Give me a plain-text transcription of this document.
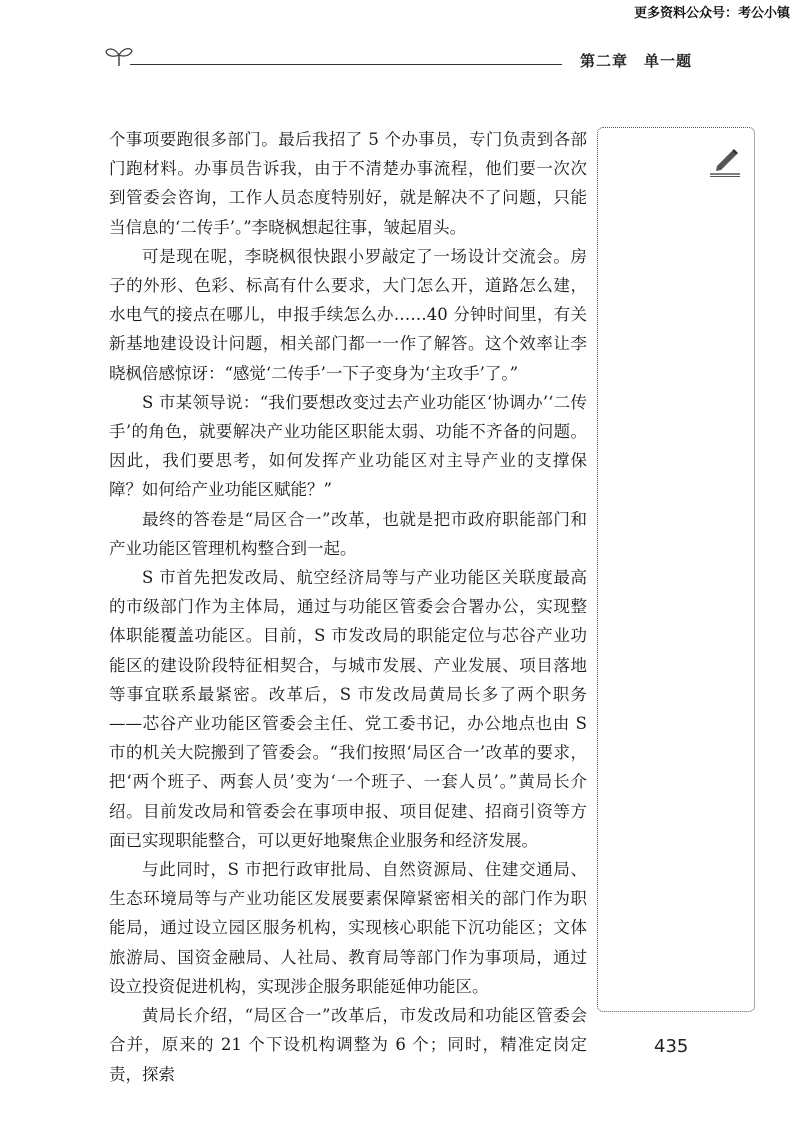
更多资料公众号：考公小镇
第二章　单一题

个事项要跑很多部门。最后我招了 5 个办事员，专门负责到各部门跑材料。办事员告诉我，由于不清楚办事流程，他们要一次次到管委会咨询，工作人员态度特别好，就是解决不了问题，只能当信息的‘二传手’。”李晓枫想起往事，皱起眉头。

可是现在呢，李晓枫很快跟小罗敲定了一场设计交流会。房子的外形、色彩、标高有什么要求，大门怎么开，道路怎么建，水电气的接点在哪儿，申报手续怎么办……40 分钟时间里，有关新基地建设设计问题，相关部门都一一作了解答。这个效率让李晓枫倍感惊讶：“感觉‘二传手’一下子变身为‘主攻手’了。”

S 市某领导说：“我们要想改变过去产业功能区‘协调办’‘二传手’的角色，就要解决产业功能区职能太弱、功能不齐备的问题。因此，我们要思考，如何发挥产业功能区对主导产业的支撑保障？如何给产业功能区赋能？”

最终的答卷是“局区合一”改革，也就是把市政府职能部门和产业功能区管理机构整合到一起。

S 市首先把发改局、航空经济局等与产业功能区关联度最高的市级部门作为主体局，通过与功能区管委会合署办公，实现整体职能覆盖功能区。目前，S 市发改局的职能定位与芯谷产业功能区的建设阶段特征相契合，与城市发展、产业发展、项目落地等事宜联系最紧密。改革后，S 市发改局黄局长多了两个职务——芯谷产业功能区管委会主任、党工委书记，办公地点也由 S 市的机关大院搬到了管委会。“我们按照‘局区合一’改革的要求，把‘两个班子、两套人员’变为‘一个班子、一套人员’。”黄局长介绍。目前发改局和管委会在事项申报、项目促建、招商引资等方面已实现职能整合，可以更好地聚焦企业服务和经济发展。

与此同时，S 市把行政审批局、自然资源局、住建交通局、生态环境局等与产业功能区发展要素保障紧密相关的部门作为职能局，通过设立园区服务机构，实现核心职能下沉功能区；文体旅游局、国资金融局、人社局、教育局等部门作为事项局，通过设立投资促进机构，实现涉企服务职能延伸功能区。

黄局长介绍，“局区合一”改革后，市发改局和功能区管委会合并，原来的 21 个下设机构调整为 6 个；同时，精准定岗定责，探索

435
